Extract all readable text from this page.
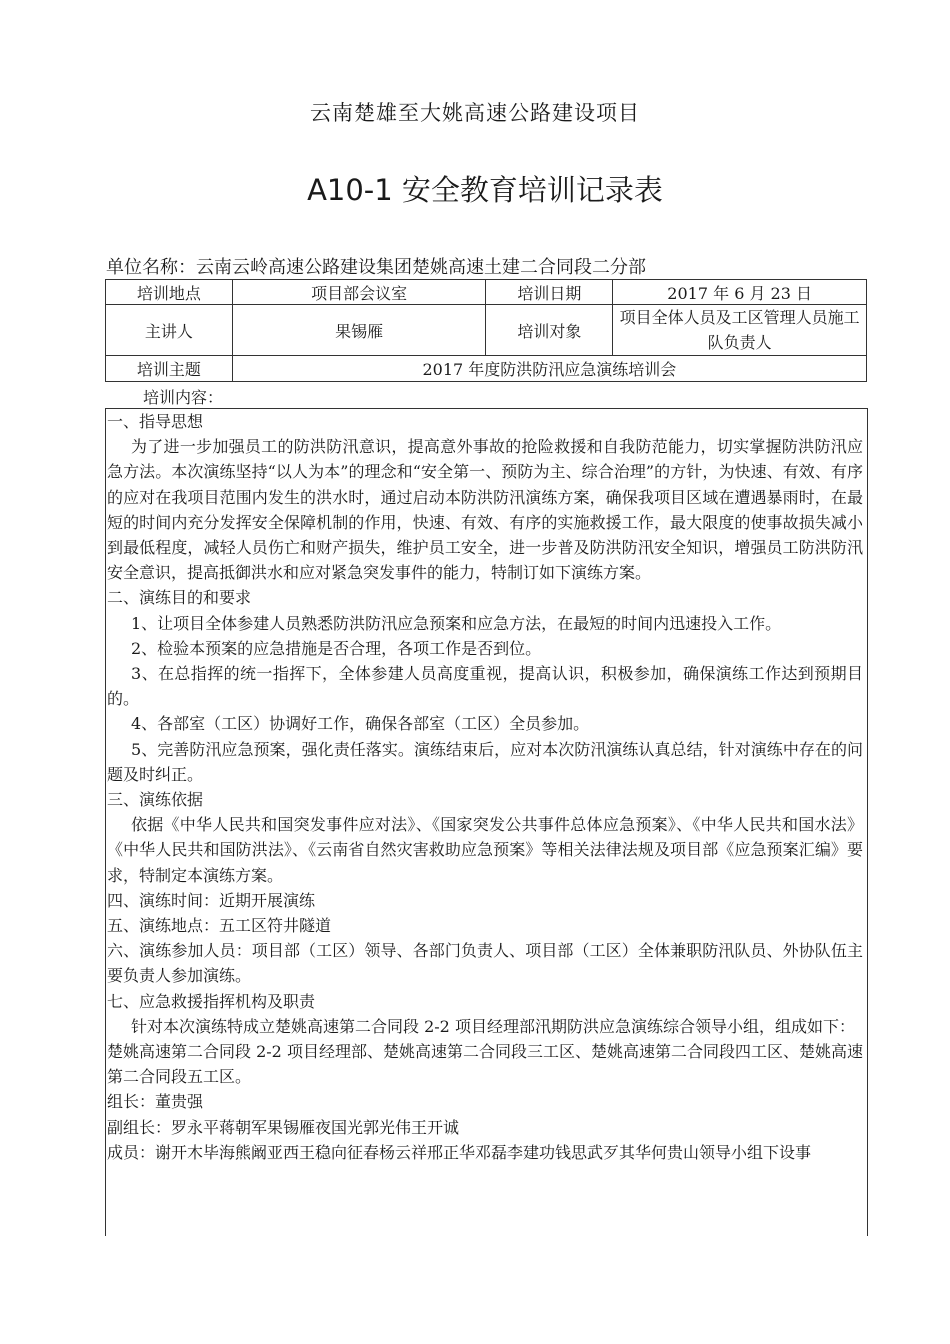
云南楚雄至大姚高速公路建设项目
A10-1 安全教育培训记录表
单位名称：云南云岭高速公路建设集团楚姚高速土建二合同段二分部
培训地点	项目部会议室	培训日期	2017 年 6 月 23 日
主讲人	果锡雁	培训对象	项目全体人员及工区管理人员施工队负责人
培训主题	2017 年度防洪防汛应急演练培训会		
培训内容：

一、指导思想

为了进一步加强员工的防洪防汛意识，提高意外事故的抢险救援和自我防范能力，切实掌握防洪防汛应急方法。本次演练坚持“以人为本”的理念和“安全第一、预防为主、综合治理”的方针，为快速、有效、有序的应对在我项目范围内发生的洪水时，通过启动本防洪防汛演练方案，确保我项目区域在遭遇暴雨时，在最短的时间内充分发挥安全保障机制的作用，快速、有效、有序的实施救援工作，最大限度的使事故损失减小到最低程度，减轻人员伤亡和财产损失，维护员工安全，进一步普及防洪防汛安全知识，增强员工防洪防汛安全意识，提高抵御洪水和应对紧急突发事件的能力，特制订如下演练方案。

二、演练目的和要求

1、让项目全体参建人员熟悉防洪防汛应急预案和应急方法，在最短的时间内迅速投入工作。

2、检验本预案的应急措施是否合理，各项工作是否到位。

3、在总指挥的统一指挥下，全体参建人员高度重视，提高认识，积极参加，确保演练工作达到预期目的。

4、各部室（工区）协调好工作，确保各部室（工区）全员参加。

5、完善防汛应急预案，强化责任落实。演练结束后，应对本次防汛演练认真总结，针对演练中存在的问题及时纠正。

三、演练依据

依据《中华人民共和国突发事件应对法》、《国家突发公共事件总体应急预案》、《中华人民共和国水法》《中华人民共和国防洪法》、《云南省自然灾害救助应急预案》等相关法律法规及项目部《应急预案汇编》要求，特制定本演练方案。

四、演练时间：近期开展演练

五、演练地点：五工区符井隧道

六、演练参加人员：项目部（工区）领导、各部门负责人、项目部（工区）全体兼职防汛队员、外协队伍主要负责人参加演练。

七、应急救援指挥机构及职责

针对本次演练特成立楚姚高速第二合同段 2-2 项目经理部汛期防洪应急演练综合领导小组，组成如下：

楚姚高速第二合同段 2-2 项目经理部、楚姚高速第二合同段三工区、楚姚高速第二合同段四工区、楚姚高速第二合同段五工区。

组长：董贵强

副组长：罗永平蒋朝军果锡雁夜国光郭光伟王开诚

成员：谢开木毕海熊阚亚西王稳向征春杨云祥邢正华邓磊李建功钱思武歹其华何贵山领导小组下设事
